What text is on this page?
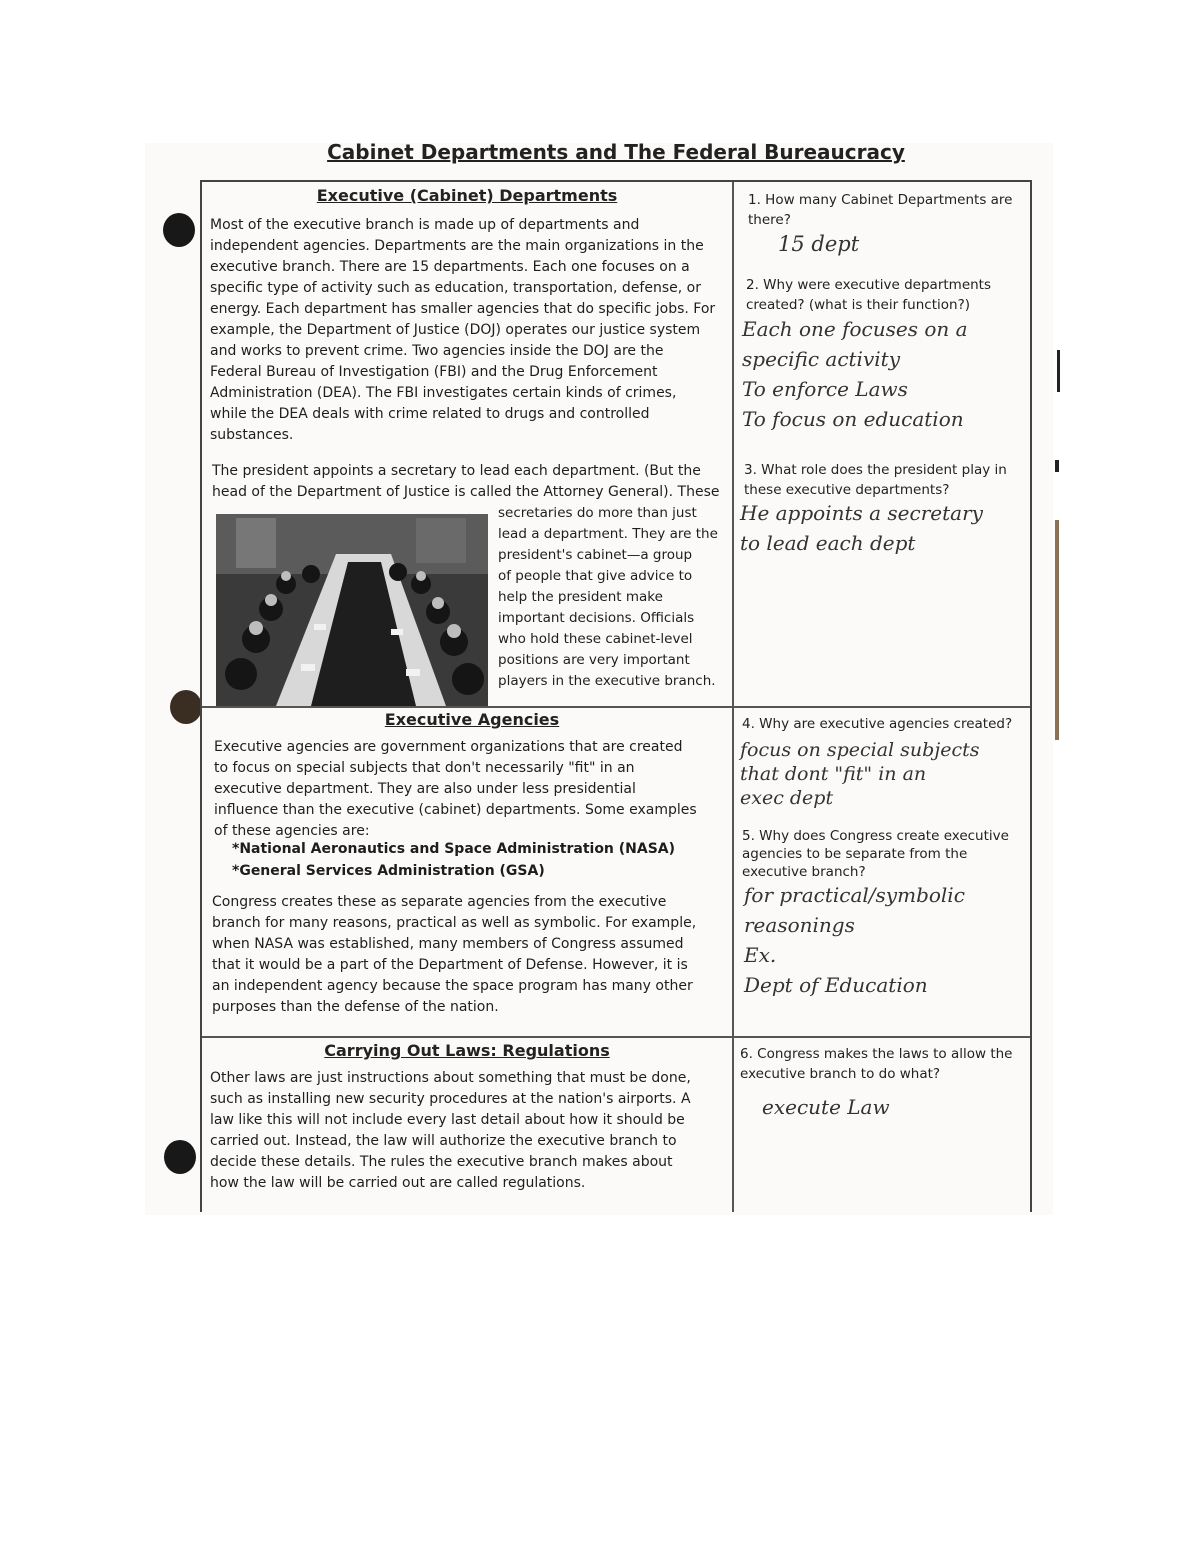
Cabinet Departments and The Federal Bureaucracy
Executive (Cabinet) Departments
Most of the executive branch is made up of departments and
independent agencies. Departments are the main organizations in the
executive branch. There are 15 departments. Each one focuses on a
specific type of activity such as education, transportation, defense, or
energy. Each department has smaller agencies that do specific jobs. For
example, the Department of Justice (DOJ) operates our justice system
and works to prevent crime. Two agencies inside the DOJ are the
Federal Bureau of Investigation (FBI) and the Drug Enforcement
Administration (DEA). The FBI investigates certain kinds of crimes,
while the DEA deals with crime related to drugs and controlled
substances.
The president appoints a secretary to lead each department. (But the
head of the Department of Justice is called the Attorney General). These
secretaries do more than just
lead a department. They are the
president's cabinet—a group
of people that give advice to
help the president make
important decisions. Officials
who hold these cabinet-level
positions are very important
players in the executive branch.
Executive Agencies
Executive agencies are government organizations that are created
to focus on special subjects that don't necessarily "fit" in an
executive department. They are also under less presidential
influence than the executive (cabinet) departments. Some examples
of these agencies are:
*National Aeronautics and Space Administration (NASA)
*General Services Administration (GSA)
Congress creates these as separate agencies from the executive
branch for many reasons, practical as well as symbolic. For example,
when NASA was established, many members of Congress assumed
that it would be a part of the Department of Defense. However, it is
an independent agency because the space program has many other
purposes than the defense of the nation.
Carrying Out Laws: Regulations
Other laws are just instructions about something that must be done,
such as installing new security procedures at the nation's airports. A
law like this will not include every last detail about how it should be
carried out. Instead, the law will authorize the executive branch to
decide these details. The rules the executive branch makes about
how the law will be carried out are called regulations.
1. How many Cabinet Departments are
there?
15 dept
2. Why were executive departments
created? (what is their function?)
Each one focuses on a
specific activity
To enforce Laws
To focus on education
3. What role does the president play in
these executive departments?
He appoints a secretary
to lead each dept
4. Why are executive agencies created?
focus on special subjects
that dont "fit" in an
exec dept
5. Why does Congress create executive
agencies to be separate from the
executive branch?
for practical/symbolic
reasonings
Ex.
Dept of Education
6. Congress makes the laws to allow the
executive branch to do what?
execute Law
